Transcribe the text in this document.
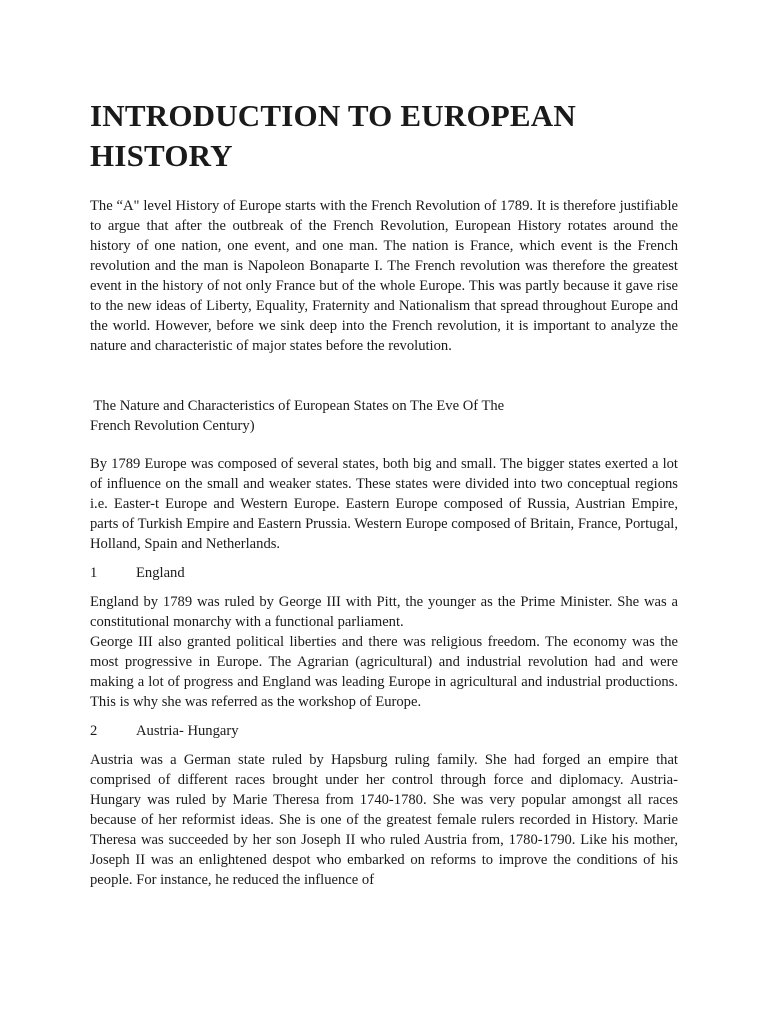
INTRODUCTION TO EUROPEAN HISTORY

The “A" level History of Europe starts with the French Revolution of 1789. It is therefore justifiable to argue that after the outbreak of the French Revolution, European History rotates around the history of one nation, one event, and one man. The nation is France, which event is the French revolution and the man is Napoleon Bonaparte I. The French revolution was therefore the greatest event in the history of not only France but of the whole Europe. This was partly because it gave rise to the new ideas of Liberty, Equality, Fraternity and Nationalism that spread throughout Europe and the world. However, before we sink deep into the French revolution, it is important to analyze the nature and characteristic of major states before the revolution.

The Nature and Characteristics of European States on The Eve Of The

French Revolution Century)

By 1789 Europe was composed of several states, both big and small. The bigger states exerted a lot of influence on the small and weaker states. These states were divided into two conceptual regions i.e. Easter-t Europe and Western Europe. Eastern Europe composed of Russia, Austrian Empire, parts of Turkish Empire and Eastern Prussia. Western Europe composed of Britain, France, Portugal, Holland, Spain and Netherlands.

1	England

England by 1789 was ruled by George III with Pitt, the younger as the Prime Minister. She was a constitutional monarchy with a functional parliament.

George III also granted political liberties and there was religious freedom. The economy was the most progressive in Europe. The Agrarian (agricultural) and industrial revolution had and were making a lot of progress and England was leading Europe in agricultural and industrial productions. This is why she was referred as the workshop of Europe.

2	Austria- Hungary

Austria was a German state ruled by Hapsburg ruling family. She had forged an empire that comprised of different races brought under her control through force and diplomacy. Austria- Hungary was ruled by Marie Theresa from 1740-1780. She was very popular amongst all races because of her reformist ideas. She is one of the greatest female rulers recorded in History. Marie Theresa was succeeded by her son Joseph II who ruled Austria from, 1780-1790. Like his mother, Joseph II was an enlightened despot who embarked on reforms to improve the conditions of his people. For instance, he reduced the influence of
